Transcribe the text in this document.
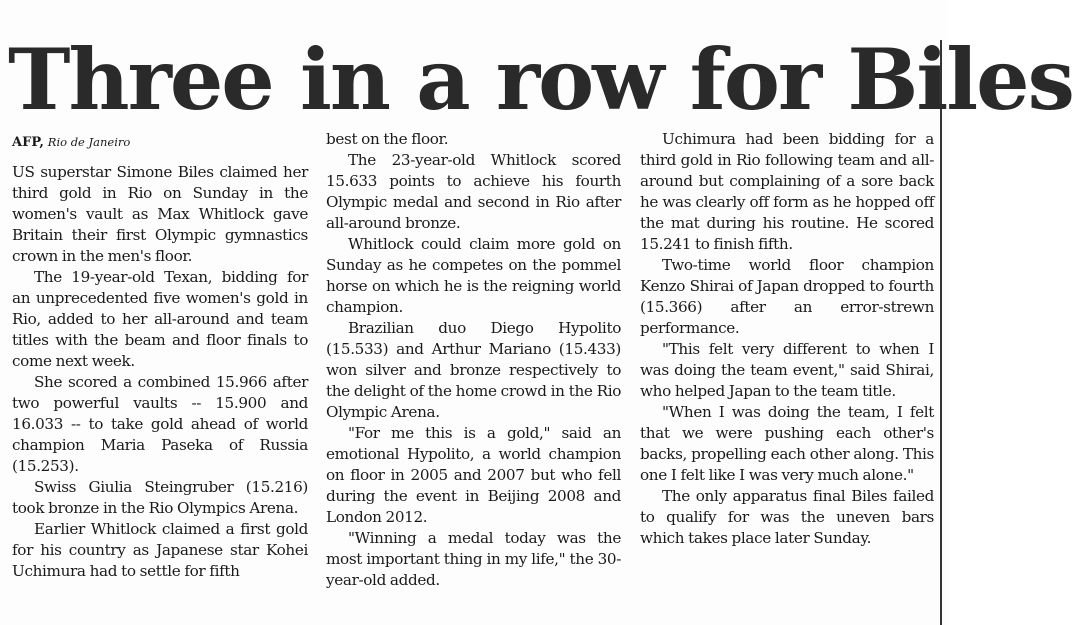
Three in a row for Biles
AFP, Rio de Janeiro

US superstar Simone Biles claimed her third gold in Rio on Sunday in the women's vault as Max Whitlock gave Britain their first Olympic gymnastics crown in the men's floor.

The 19-year-old Texan, bidding for an unprecedented five women's gold in Rio, added to her all-around and team titles with the beam and floor finals to come next week.

She scored a combined 15.966 after two powerful vaults -- 15.900 and 16.033 -- to take gold ahead of world champion Maria Paseka of Russia (15.253).

Swiss Giulia Steingruber (15.216) took bronze in the Rio Olympics Arena.

Earlier Whitlock claimed a first gold for his country as Japanese star Kohei Uchimura had to settle for fifth

best on the floor.

The 23-year-old Whitlock scored 15.633 points to achieve his fourth Olympic medal and second in Rio after all-around bronze.

Whitlock could claim more gold on Sunday as he competes on the pommel horse on which he is the reigning world champion.

Brazilian duo Diego Hypolito (15.533) and Arthur Mariano (15.433) won silver and bronze respectively to the delight of the home crowd in the Rio Olympic Arena.

"For me this is a gold," said an emotional Hypolito, a world champion on floor in 2005 and 2007 but who fell during the event in Beijing 2008 and London 2012.

"Winning a medal today was the most important thing in my life," the 30-year-old added.

Uchimura had been bidding for a third gold in Rio following team and all-around but complaining of a sore back he was clearly off form as he hopped off the mat during his routine. He scored 15.241 to finish fifth.

Two-time world floor champion Kenzo Shirai of Japan dropped to fourth (15.366) after an error-strewn performance.

"This felt very different to when I was doing the team event," said Shirai, who helped Japan to the team title.

"When I was doing the team, I felt that we were pushing each other's backs, propelling each other along. This one I felt like I was very much alone."

The only apparatus final Biles failed to qualify for was the uneven bars which takes place later Sunday.
